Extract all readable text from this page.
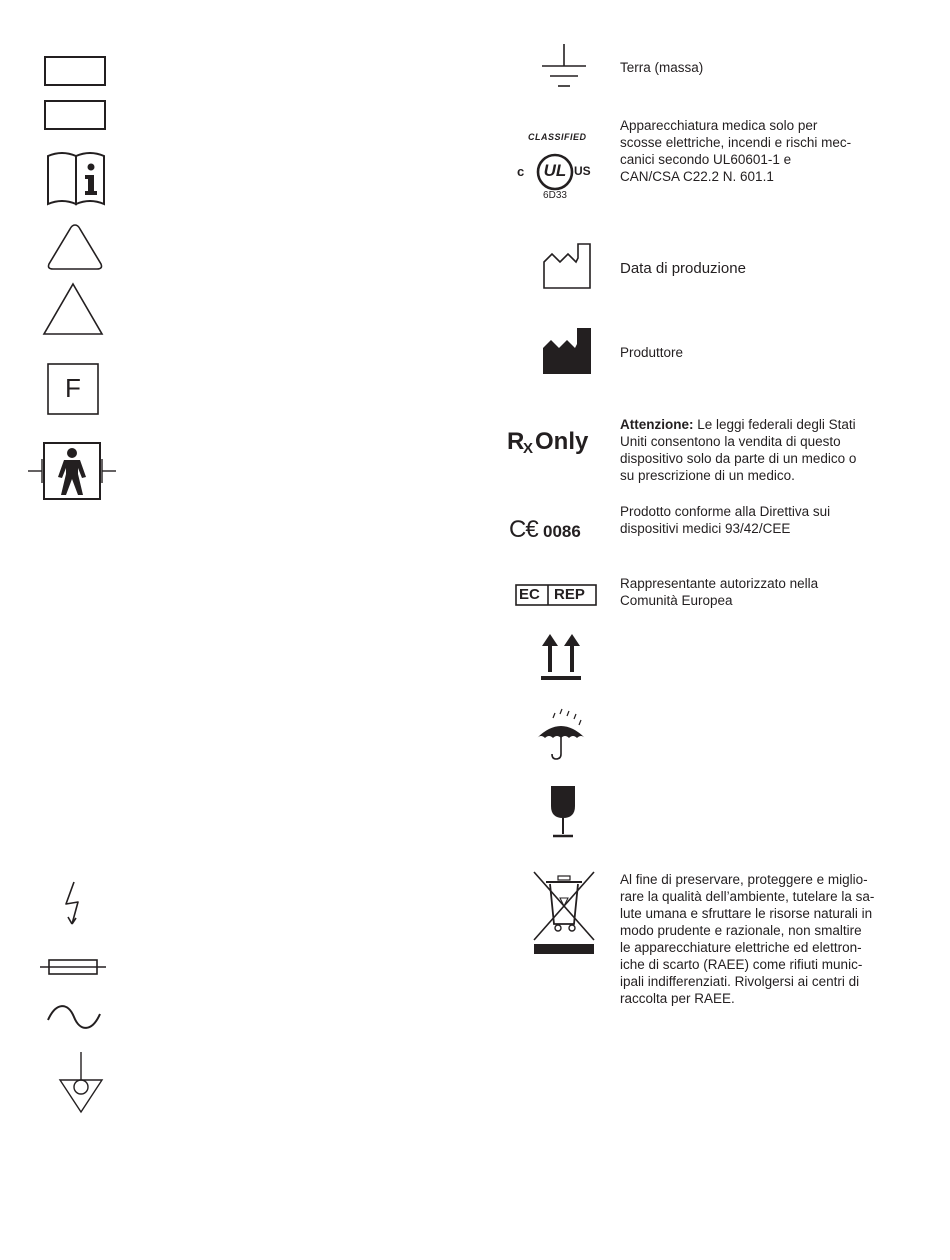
F
Terra (massa)
CLASSIFIED
c UL US
6D33
Apparecchiatura medica solo per
scosse elettriche, incendi e rischi mec-
canici secondo UL60601-1 e
CAN/CSA C22.2 N. 601.1
Data di produzione
Produttore
R
X Only
Attenzione: Le leggi federali degli Stati
Uniti consentono la vendita di questo
dispositivo solo da parte di un medico o
su prescrizione di un medico.
C€ 0086
Prodotto conforme alla Direttiva sui
dispositivi medici 93/42/CEE
EC REP
Rappresentante autorizzato nella
Comunità Europea
Al fine di preservare, proteggere e miglio-
rare la qualità dell’ambiente, tutelare la sa-
lute umana e sfruttare le risorse naturali in
modo prudente e razionale, non smaltire
le apparecchiature elettriche ed elettron-
iche di scarto (RAEE) come rifiuti munic-
ipali indifferenziati. Rivolgersi ai centri di
raccolta per RAEE.
